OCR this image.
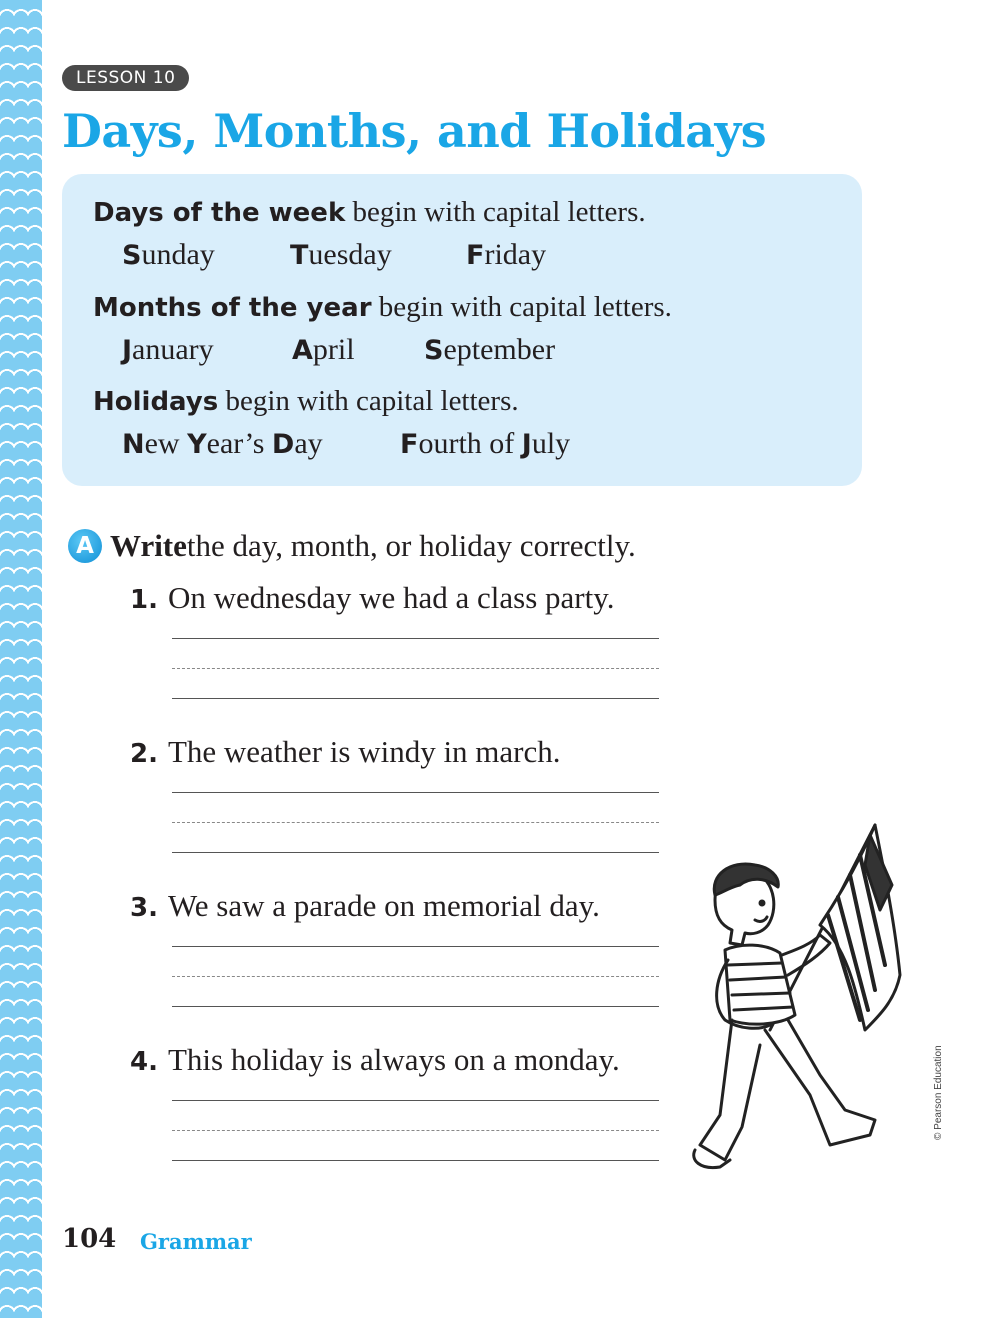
LESSON 10
Days, Months, and Holidays
Days of the week begin with capital letters.
Sunday	Tuesday	Friday
Months of the year begin with capital letters.
January	April	September
Holidays begin with capital letters.
New Year’s Day	Fourth of July
A Write the day, month, or holiday correctly.
1. On wednesday we had a class party.
2. The weather is windy in march.
3. We saw a parade on memorial day.
4. This holiday is always on a monday.
104 Grammar
© Pearson Education
